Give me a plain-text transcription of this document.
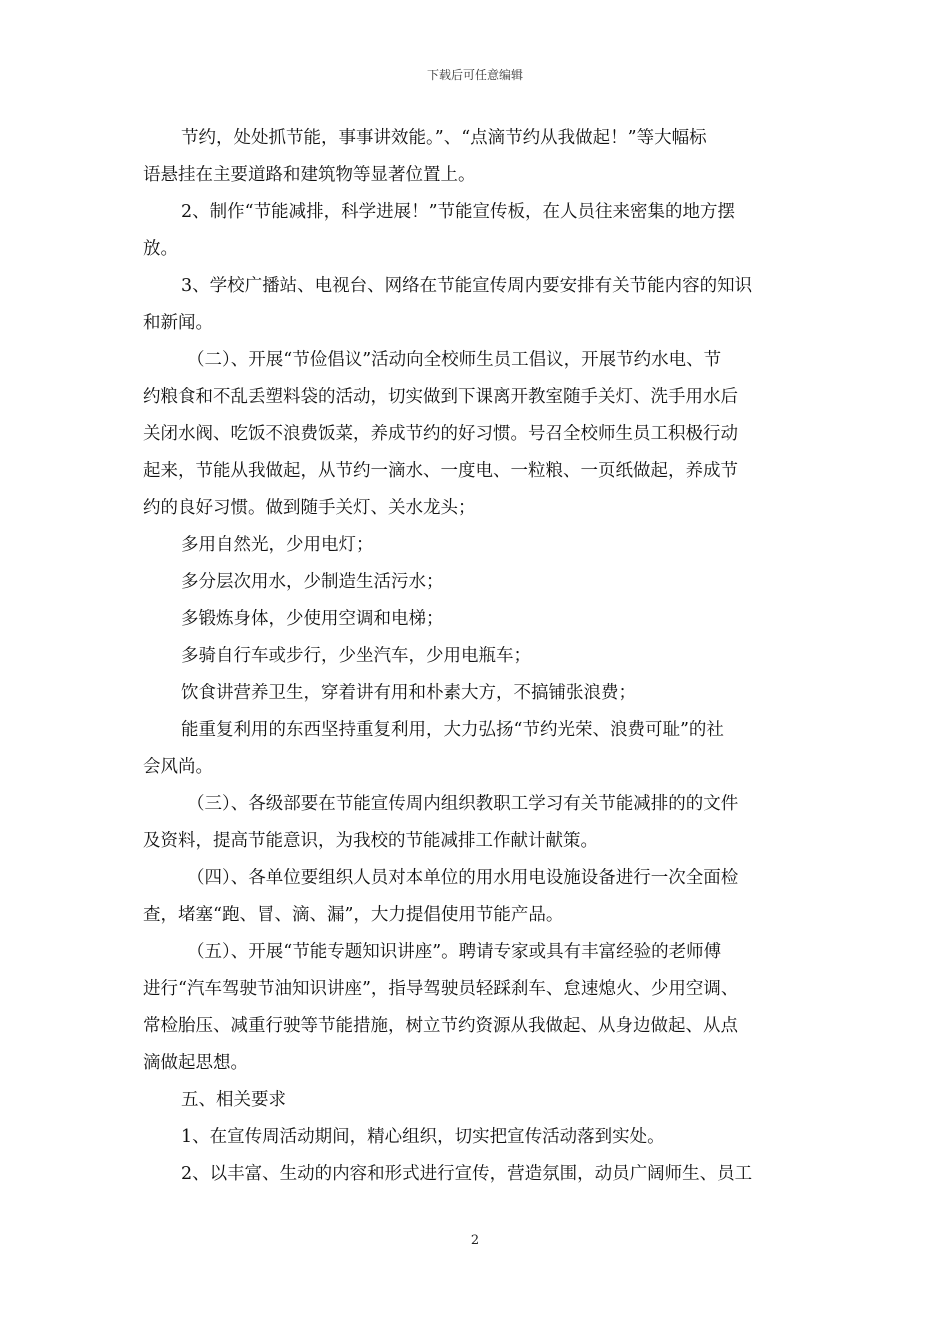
下载后可任意编辑
节约，处处抓节能，事事讲效能。”、“点滴节约从我做起！”等大幅标
语悬挂在主要道路和建筑物等显著位置上。
2、制作“节能减排，科学进展！”节能宣传板，在人员往来密集的地方摆
放。
3、学校广播站、电视台、网络在节能宣传周内要安排有关节能内容的知识
和新闻。
（二）、开展“节俭倡议”活动向全校师生员工倡议，开展节约水电、节
约粮食和不乱丢塑料袋的活动，切实做到下课离开教室随手关灯、洗手用水后
关闭水阀、吃饭不浪费饭菜，养成节约的好习惯。号召全校师生员工积极行动
起来，节能从我做起，从节约一滴水、一度电、一粒粮、一页纸做起，养成节
约的良好习惯。做到随手关灯、关水龙头；
多用自然光，少用电灯；
多分层次用水，少制造生活污水；
多锻炼身体，少使用空调和电梯；
多骑自行车或步行，少坐汽车，少用电瓶车；
饮食讲营养卫生，穿着讲有用和朴素大方，不搞铺张浪费；
能重复利用的东西坚持重复利用，大力弘扬“节约光荣、浪费可耻”的社
会风尚。
（三）、各级部要在节能宣传周内组织教职工学习有关节能减排的的文件
及资料，提高节能意识，为我校的节能减排工作献计献策。
（四）、各单位要组织人员对本单位的用水用电设施设备进行一次全面检
查，堵塞“跑、冒、滴、漏”，大力提倡使用节能产品。
（五）、开展“节能专题知识讲座”。聘请专家或具有丰富经验的老师傅
进行“汽车驾驶节油知识讲座”，指导驾驶员轻踩刹车、怠速熄火、少用空调、
常检胎压、减重行驶等节能措施，树立节约资源从我做起、从身边做起、从点
滴做起思想。
五、相关要求
1、在宣传周活动期间，精心组织，切实把宣传活动落到实处。
2、以丰富、生动的内容和形式进行宣传，营造氛围，动员广阔师生、员工
2
